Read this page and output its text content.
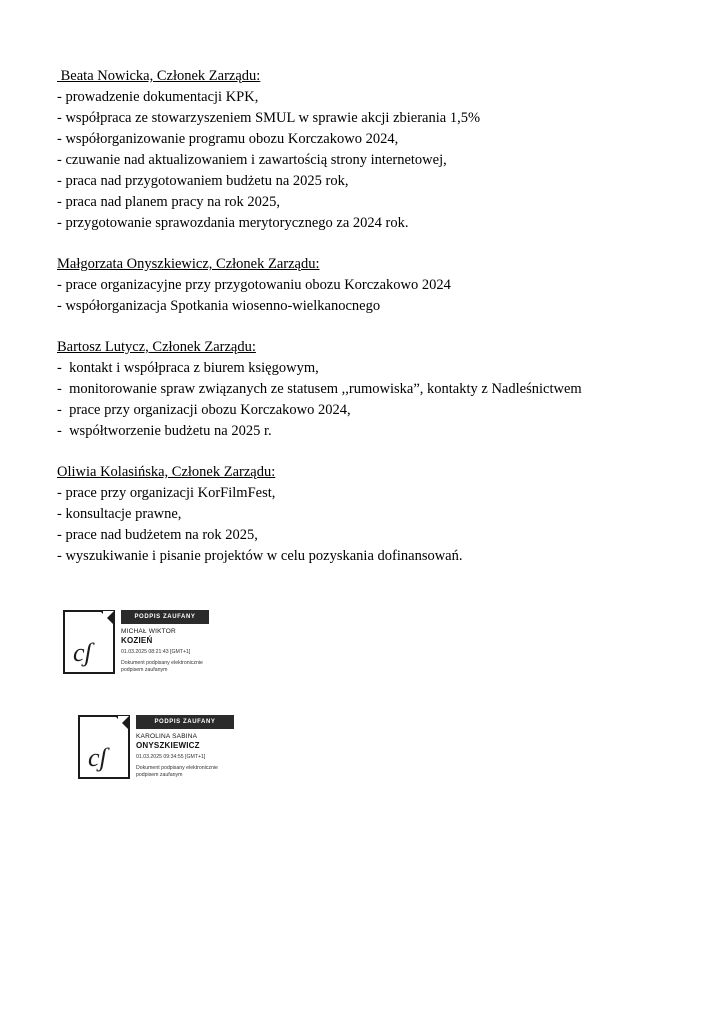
Beata Nowicka, Członek Zarządu:
- prowadzenie dokumentacji KPK,
- współpraca ze stowarzyszeniem SMUL w sprawie akcji zbierania 1,5%
- współorganizowanie programu obozu Korczakowo 2024,
- czuwanie nad aktualizowaniem i zawartością strony internetowej,
- praca nad przygotowaniem budżetu na 2025 rok,
- praca nad planem pracy na rok 2025,
- przygotowanie sprawozdania merytorycznego za 2024 rok.
Małgorzata Onyszkiewicz, Członek Zarządu:
- prace organizacyjne przy przygotowaniu obozu Korczakowo 2024
- współorganizacja Spotkania wiosenno-wielkanocnego
Bartosz Lutycz, Członek Zarządu:
-  kontakt i współpraca z biurem księgowym,
-  monitorowanie spraw związanych ze statusem ,,rumowiska”, kontakty z Nadleśnictwem
-  prace przy organizacji obozu Korczakowo 2024,
-  współtworzenie budżetu na 2025 r.
Oliwia Kolasińska, Członek Zarządu:
- prace przy organizacji KorFilmFest,
- konsultacje prawne,
- prace nad budżetem na rok 2025,
- wyszukiwanie i pisanie projektów w celu pozyskania dofinansowań.
cʃ
PODPIS ZAUFANY
MICHAŁ WIKTOR
KOZIEŃ
01.03.2025 08:21:43 [GMT+1]
Dokument podpisany elektronicznie podpisem zaufanym
cʃ
PODPIS ZAUFANY
KAROLINA SABINA
ONYSZKIEWICZ
01.03.2025 09:34:55 [GMT+1]
Dokument podpisany elektronicznie podpisem zaufanym
